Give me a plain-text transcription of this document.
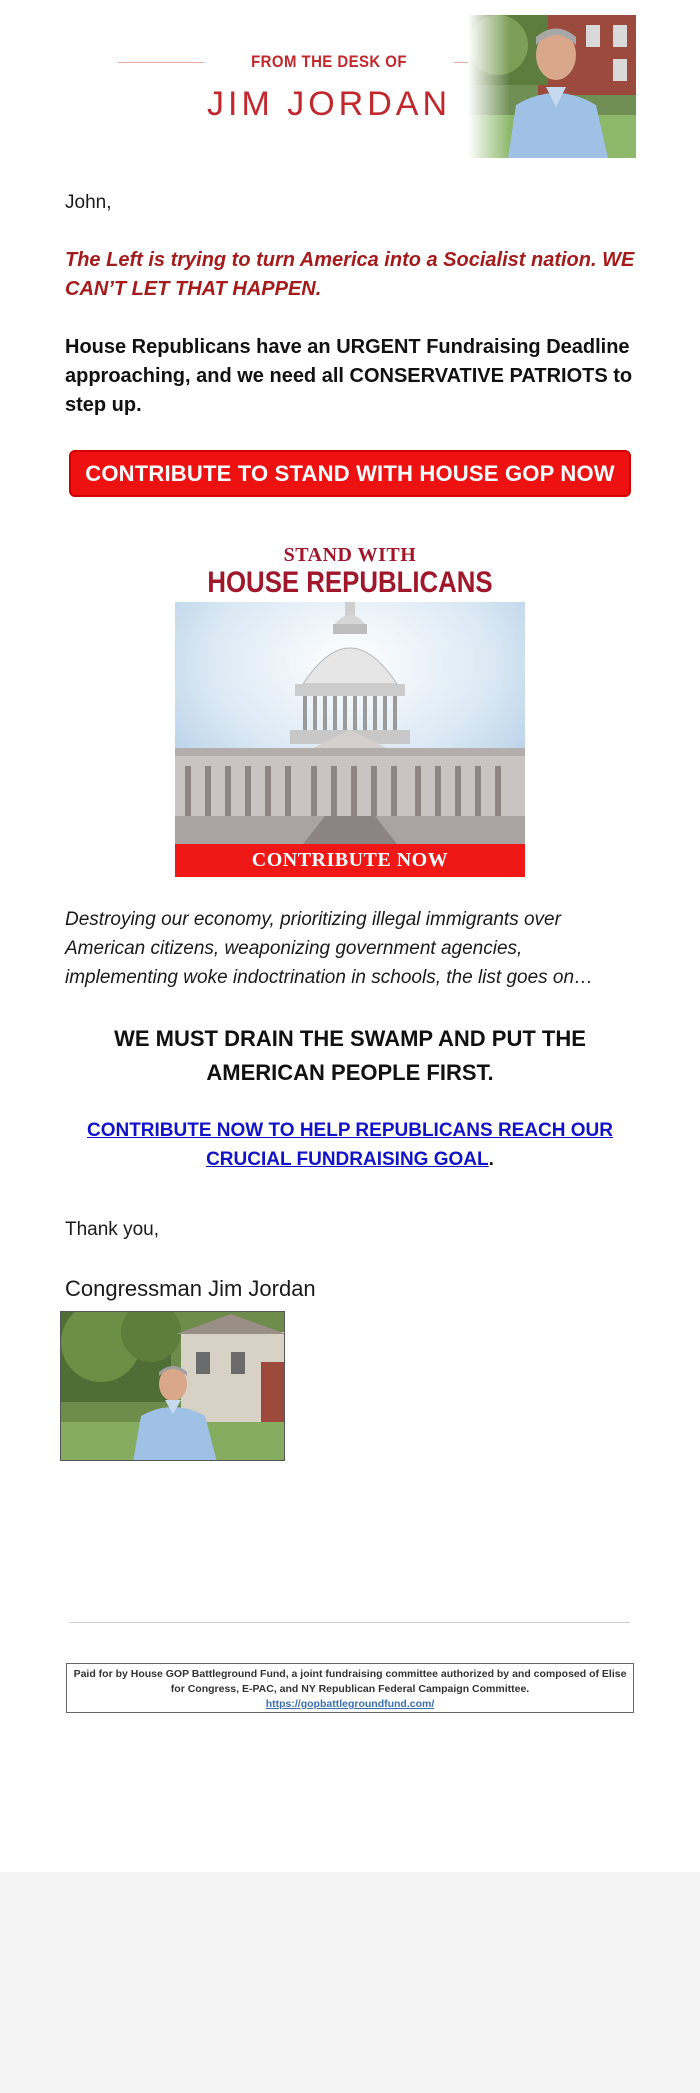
FROM THE DESK OF
JIM JORDAN
John,
The Left is trying to turn America into a Socialist nation. WE CAN’T LET THAT HAPPEN.
House Republicans have an URGENT Fundraising Deadline approaching, and we need all CONSERVATIVE PATRIOTS to step up.
CONTRIBUTE TO STAND WITH HOUSE GOP NOW
STAND WITH
HOUSE REPUBLICANS
CONTRIBUTE NOW
Destroying our economy, prioritizing illegal immigrants over American citizens, weaponizing government agencies, implementing woke indoctrination in schools, the list goes on…
WE MUST DRAIN THE SWAMP AND PUT THE AMERICAN PEOPLE FIRST.
CONTRIBUTE NOW TO HELP REPUBLICANS REACH OUR CRUCIAL FUNDRAISING GOAL.
Thank you,
Congressman Jim Jordan
Paid for by House GOP Battleground Fund, a joint fundraising committee authorized by and composed of Elise for Congress, E-PAC, and NY Republican Federal Campaign Committee.
https://gopbattlegroundfund.com/
